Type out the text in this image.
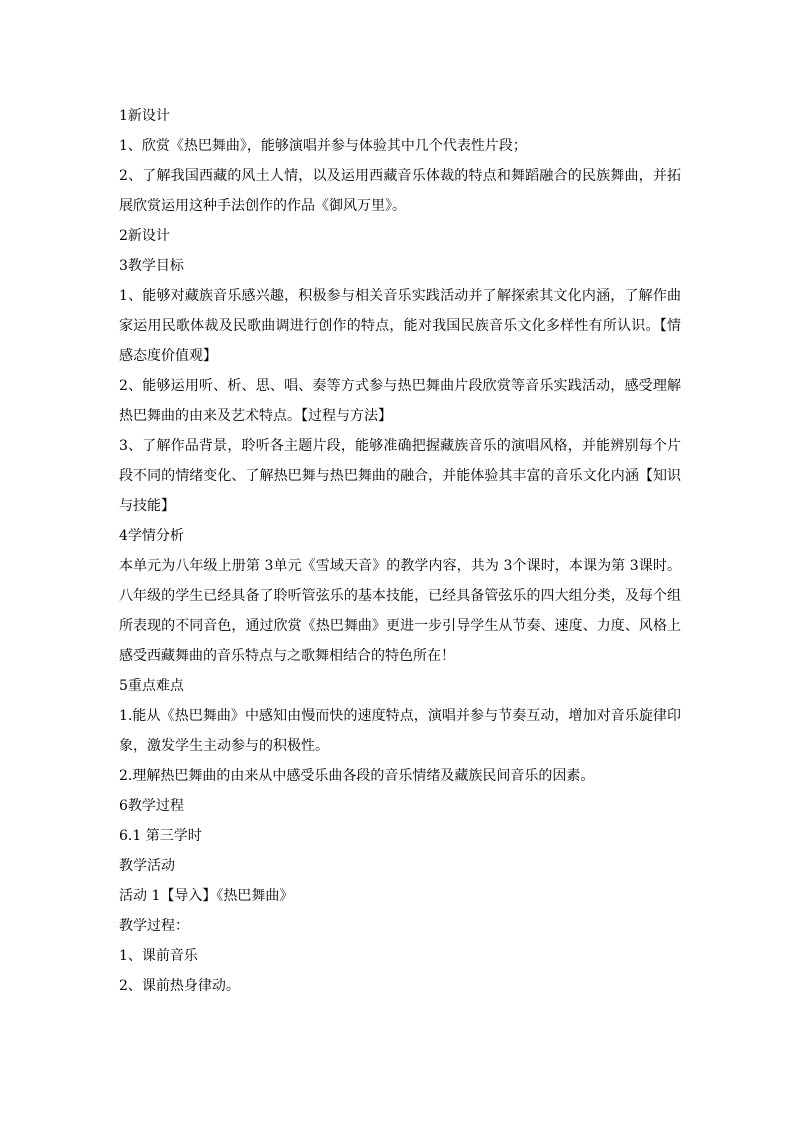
1新设计

1、欣赏《热巴舞曲》，能够演唱并参与体验其中几个代表性片段；

2、了解我国西藏的风土人情，以及运用西藏音乐体裁的特点和舞蹈融合的民族舞曲，并拓展欣赏运用这种手法创作的作品《御风万里》。

2新设计

3教学目标

1、能够对藏族音乐感兴趣，积极参与相关音乐实践活动并了解探索其文化内涵，了解作曲家运用民歌体裁及民歌曲调进行创作的特点，能对我国民族音乐文化多样性有所认识。【情感态度价值观】

2、能够运用听、析、思、唱、奏等方式参与热巴舞曲片段欣赏等音乐实践活动，感受理解热巴舞曲的由来及艺术特点。【过程与方法】

3、了解作品背景，聆听各主题片段，能够准确把握藏族音乐的演唱风格，并能辨别每个片段不同的情绪变化、了解热巴舞与热巴舞曲的融合，并能体验其丰富的音乐文化内涵【知识与技能】

4学情分析

本单元为八年级上册第 3单元《雪域天音》的教学内容，共为 3个课时，本课为第 3课时。八年级的学生已经具备了聆听管弦乐的基本技能，已经具备管弦乐的四大组分类，及每个组所表现的不同音色，通过欣赏《热巴舞曲》更进一步引导学生从节奏、速度、力度、风格上感受西藏舞曲的音乐特点与之歌舞相结合的特色所在！

5重点难点

1.能从《热巴舞曲》中感知由慢而快的速度特点，演唱并参与节奏互动，增加对音乐旋律印象，激发学生主动参与的积极性。

2.理解热巴舞曲的由来从中感受乐曲各段的音乐情绪及藏族民间音乐的因素。

6教学过程

6.1 第三学时

教学活动

活动 1【导入】《热巴舞曲》

教学过程：

1、课前音乐

2、课前热身律动。
